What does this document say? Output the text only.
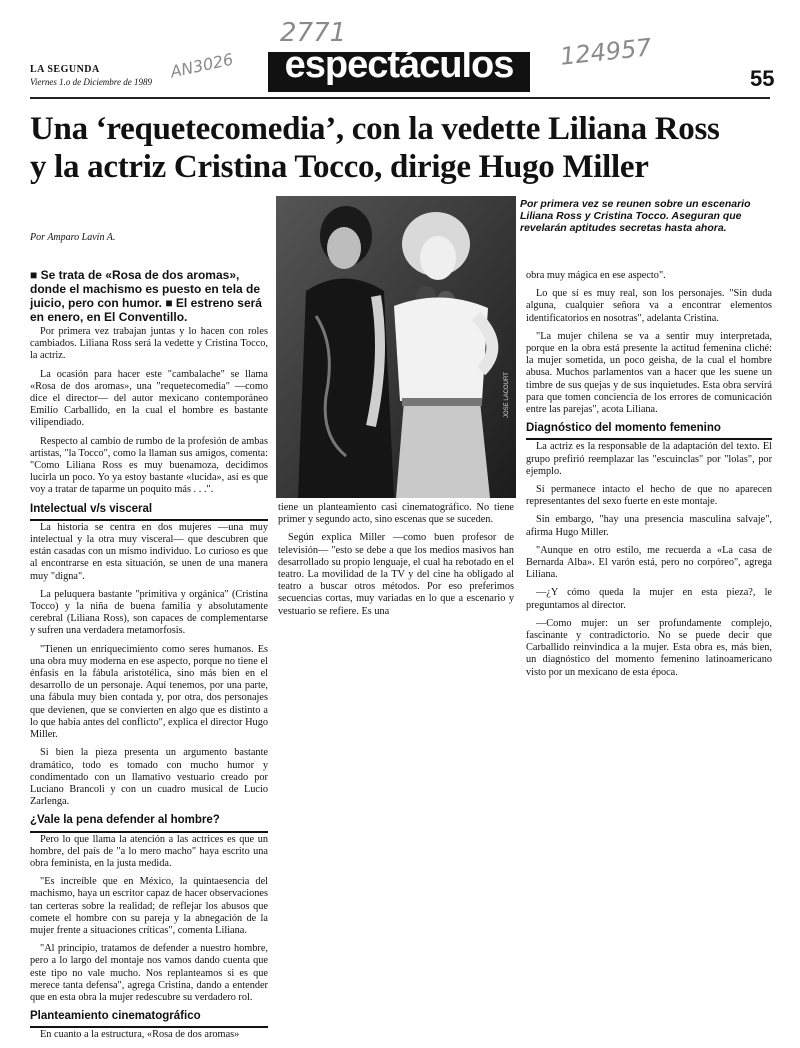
LA SEGUNDA
Viernes 1.o de Diciembre de 1989	espectáculos	55
2771
AN3026	124957
Una ‘requetecomedia’, con la vedette Liliana Ross
y la actriz Cristina Tocco, dirige Hugo Miller
Por Amparo Lavín A.
JOSE LACOURT
Por primera vez se reunen sobre un escenario Liliana Ross y Cristina Tocco. Aseguran que revelarán aptitudes secretas hasta ahora.
■ Se trata de «Rosa de dos aromas», donde el machismo es puesto en tela de juicio, pero con humor. ■ El estreno será en enero, en El Conventillo.

Por primera vez trabajan juntas y lo hacen con roles cambiados. Liliana Ross será la vedette y Cristina Tocco, la actriz.

La ocasión para hacer este "cambalache" se llama «Rosa de dos aromas», una "requetecomedia" —como dice el director— del autor mexicano contemporáneo Emilio Carballido, en la cual el hombre es bastante vilipendiado.

Respecto al cambio de rumbo de la profesión de ambas artistas, "la Tocco", como la llaman sus amigos, comenta: "Como Liliana Ross es muy buenamoza, decidimos lucirla un poco. Yo ya estoy bastante «lucida», así es que voy a tratar de taparme un poquito más . . .".

Intelectual v/s visceral

La historia se centra en dos mujeres —una muy intelectual y la otra muy visceral— que descubren que están casadas con un mismo individuo. Lo curioso es que al encontrarse en esta situación, se unen de una manera muy "digna".

La peluquera bastante "primitiva y orgánica" (Cristina Tocco) y la niña de buena familia y absolutamente cerebral (Liliana Ross), son capaces de complementarse y sufren una verdadera metamorfosis.

"Tienen un enriquecimiento como seres humanos. Es una obra muy moderna en ese aspecto, porque no tiene el énfasis en la fábula aristotélica, sino más bien en el desarrollo de un personaje. Aquí tenemos, por una parte, una fábula muy bien contada y, por otra, dos personajes que devienen, que se convierten en algo que es distinto a lo que había antes del conflicto", explica el director Hugo Miller.

Si bien la pieza presenta un argumento bastante dramático, todo es tomado con mucho humor y condimentado con un llamativo vestuario creado por Luciano Brancoli y con un cuadro musical de Lucio Zarlenga.

¿Vale la pena defender al hombre?

Pero lo que llama la atención a las actrices es que un hombre, del país de "a lo mero macho" haya escrito una obra feminista, en la justa medida.

"Es increíble que en México, la quintaesencia del machismo, haya un escritor capaz de hacer observaciones tan certeras sobre la realidad; de reflejar los abusos que comete el hombre con su pareja y la abnegación de la mujer frente a situaciones críticas", comenta Liliana.

"Al principio, tratamos de defender a nuestro hombre, pero a lo largo del montaje nos vamos dando cuenta que este tipo no vale mucho. Nos replanteamos si es que merece tanta defensa", agrega Cristina, dando a entender que en esta obra la mujer redescubre su verdadero rol.

Planteamiento cinematográfico

En cuanto a la estructura, «Rosa de dos aromas»

tiene un planteamiento casi cinematográfico. No tiene primer y segundo acto, sino escenas que se suceden.

Según explica Miller —como buen profesor de televisión— "esto se debe a que los medios masivos han desarrollado su propio lenguaje, el cual ha rebotado en el teatro. La movilidad de la TV y del cine ha obligado al teatro a buscar otros métodos. Por eso preferimos secuencias cortas, muy variadas en lo que a escenario y vestuario se refiere. Es una

obra muy mágica en ese aspecto".

Lo que sí es muy real, son los personajes. "Sin duda alguna, cualquier señora va a encontrar elementos identificatorios en nosotras", adelanta Cristina.

"La mujer chilena se va a sentir muy interpretada, porque en la obra está presente la actitud femenina cliché: la mujer sometida, un poco geisha, de la cual el hombre abusa. Muchos parlamentos van a hacer que les suene un timbre de sus quejas y de sus inquietudes. Esta obra servirá para que tomen conciencia de los errores de comunicación entre las parejas", acota Liliana.

Diagnóstico del momento femenino

La actriz es la responsable de la adaptación del texto. El grupo prefirió reemplazar las "escuinclas" por "lolas", por ejemplo.

Sí permanece intacto el hecho de que no aparecen representantes del sexo fuerte en este montaje.

Sin embargo, "hay una presencia masculina salvaje", afirma Hugo Miller.

"Aunque en otro estilo, me recuerda a «La casa de Bernarda Alba». El varón está, pero no corpóreo", agrega Liliana.

—¿Y cómo queda la mujer en esta pieza?, le preguntamos al director.

—Como mujer: un ser profundamente complejo, fascinante y contradictorio. No se puede decir que Carballido reinvindica a la mujer. Esta obra es, más bien, un diagnóstico del momento femenino latinoamericano visto por un mexicano de esta época.
